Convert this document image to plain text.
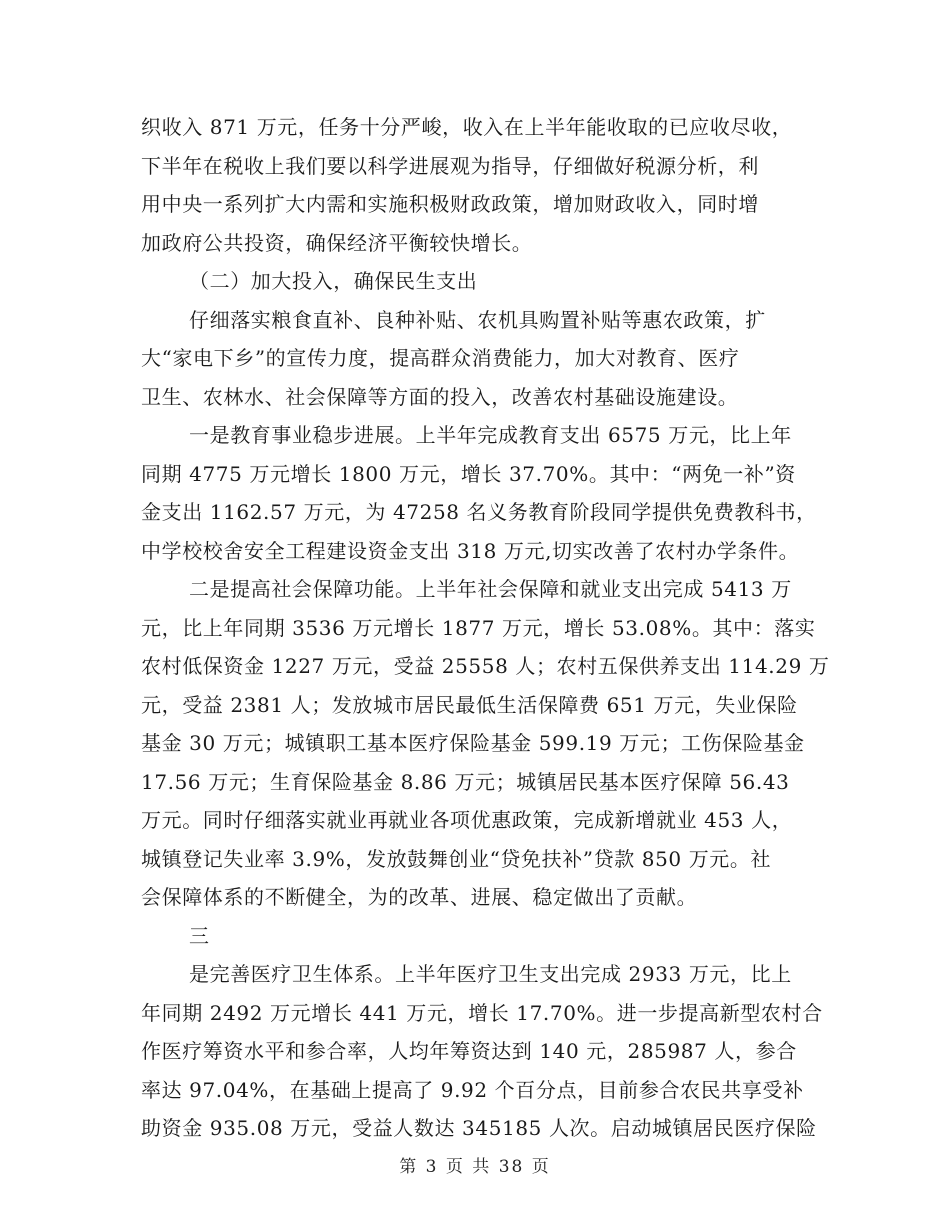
织收入 871 万元，任务十分严峻，收入在上半年能收取的已应收尽收，
下半年在税收上我们要以科学进展观为指导，仔细做好税源分析，利
用中央一系列扩大内需和实施积极财政政策，增加财政收入，同时增
加政府公共投资，确保经济平衡较快增长。
（二）加大投入，确保民生支出
仔细落实粮食直补、良种补贴、农机具购置补贴等惠农政策，扩
大“家电下乡”的宣传力度，提高群众消费能力，加大对教育、医疗
卫生、农林水、社会保障等方面的投入，改善农村基础设施建设。
一是教育事业稳步进展。上半年完成教育支出 6575 万元，比上年
同期 4775 万元增长 1800 万元，增长 37.70%。其中：“两免一补”资
金支出 1162.57 万元，为 47258 名义务教育阶段同学提供免费教科书，
中学校校舍安全工程建设资金支出 318 万元,切实改善了农村办学条件。
二是提高社会保障功能。上半年社会保障和就业支出完成 5413 万
元，比上年同期 3536 万元增长 1877 万元，增长 53.08%。其中：落实
农村低保资金 1227 万元，受益 25558 人；农村五保供养支出 114.29 万
元，受益 2381 人；发放城市居民最低生活保障费 651 万元，失业保险
基金 30 万元；城镇职工基本医疗保险基金 599.19 万元；工伤保险基金
17.56 万元；生育保险基金 8.86 万元；城镇居民基本医疗保障 56.43
万元。同时仔细落实就业再就业各项优惠政策，完成新增就业 453 人，
城镇登记失业率 3.9%，发放鼓舞创业“贷免扶补”贷款 850 万元。社
会保障体系的不断健全，为的改革、进展、稳定做出了贡献。
三
是完善医疗卫生体系。上半年医疗卫生支出完成 2933 万元，比上
年同期 2492 万元增长 441 万元，增长 17.70%。进一步提高新型农村合
作医疗筹资水平和参合率，人均年筹资达到 140 元，285987 人，参合
率达 97.04%，在基础上提高了 9.92 个百分点，目前参合农民共享受补
助资金 935.08 万元，受益人数达 345185 人次。启动城镇居民医疗保险
第 3 页 共 38 页
